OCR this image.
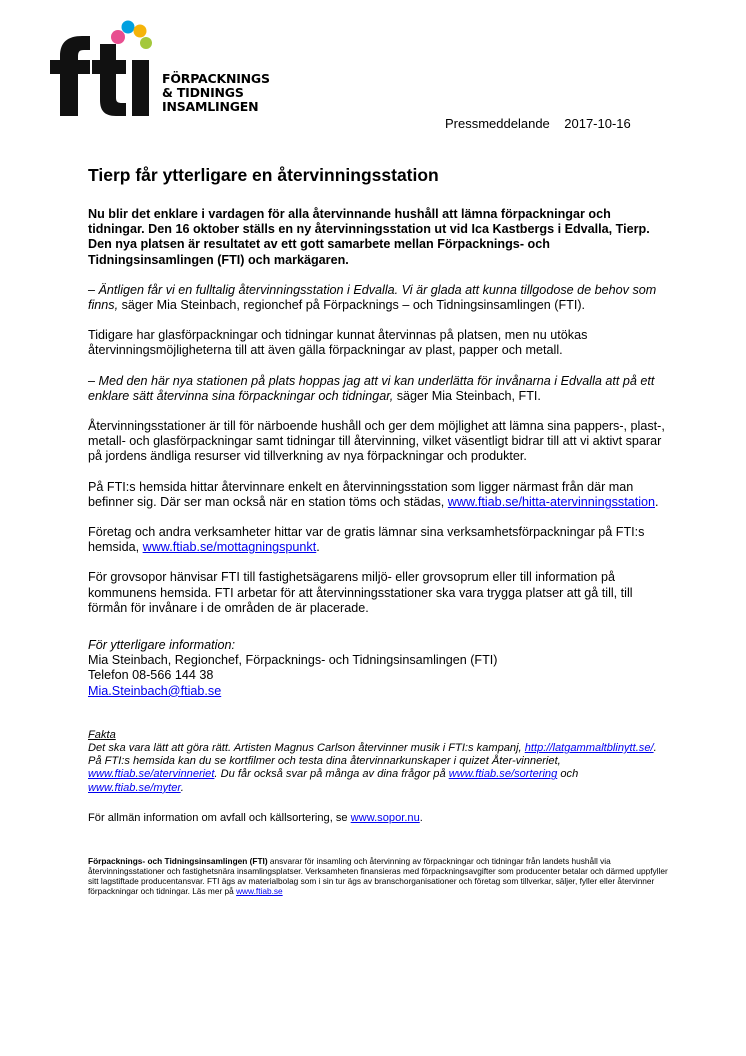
FÖRPACKNINGS
& TIDNINGS
INSAMLINGEN
Pressmeddelande 2017-10-16
Tierp får ytterligare en återvinningsstation

Nu blir det enklare i vardagen för alla återvinnande hushåll att lämna förpackningar och tidningar. Den 16 oktober ställs en ny återvinningsstation ut vid Ica Kastbergs i Edvalla, Tierp. Den nya platsen är resultatet av ett gott samarbete mellan Förpacknings- och Tidningsinsamlingen (FTI) och markägaren.

– Äntligen får vi en fulltalig återvinningsstation i Edvalla. Vi är glada att kunna tillgodose de behov som finns, säger Mia Steinbach, regionchef på Förpacknings – och Tidningsinsamlingen (FTI).

Tidigare har glasförpackningar och tidningar kunnat återvinnas på platsen, men nu utökas återvinningsmöjligheterna till att även gälla förpackningar av plast, papper och metall.

– Med den här nya stationen på plats hoppas jag att vi kan underlätta för invånarna i Edvalla att på ett enklare sätt återvinna sina förpackningar och tidningar, säger Mia Steinbach, FTI.

Återvinningsstationer är till för närboende hushåll och ger dem möjlighet att lämna sina pappers-, plast-, metall- och glasförpackningar samt tidningar till återvinning, vilket väsentligt bidrar till att vi aktivt sparar på jordens ändliga resurser vid tillverkning av nya förpackningar och produkter.

På FTI:s hemsida hittar återvinnare enkelt en återvinningsstation som ligger närmast från där man befinner sig. Där ser man också när en station töms och städas, www.ftiab.se/hitta-atervinningsstation.

Företag och andra verksamheter hittar var de gratis lämnar sina verksamhetsförpackningar på FTI:s hemsida, www.ftiab.se/mottagningspunkt.

För grovsopor hänvisar FTI till fastighetsägarens miljö- eller grovsoprum eller till information på kommunens hemsida. FTI arbetar för att återvinningsstationer ska vara trygga platser att gå till, till förmån för invånare i de områden de är placerade.

För ytterligare information:
Mia Steinbach, Regionchef, Förpacknings- och Tidningsinsamlingen (FTI)
Telefon 08-566 144 38
Mia.Steinbach@ftiab.se
Fakta
Det ska vara lätt att göra rätt. Artisten Magnus Carlson återvinner musik i FTI:s kampanj, http://latgammaltblinytt.se/. På FTI:s hemsida kan du se kortfilmer och testa dina återvinnarkunskaper i quizet Åter-vinneriet, www.ftiab.se/atervinneriet. Du får också svar på många av dina frågor på www.ftiab.se/sortering och www.ftiab.se/myter.
För allmän information om avfall och källsortering, se www.sopor.nu.
Förpacknings- och Tidningsinsamlingen (FTI) ansvarar för insamling och återvinning av förpackningar och tidningar från landets hushåll via återvinningsstationer och fastighetsnära insamlingsplatser. Verksamheten finansieras med förpackningsavgifter som producenter betalar och därmed uppfyller sitt lagstiftade producentansvar. FTI ägs av materialbolag som i sin tur ägs av branschorganisationer och företag som tillverkar, säljer, fyller eller återvinner förpackningar och tidningar. Läs mer på www.ftiab.se
